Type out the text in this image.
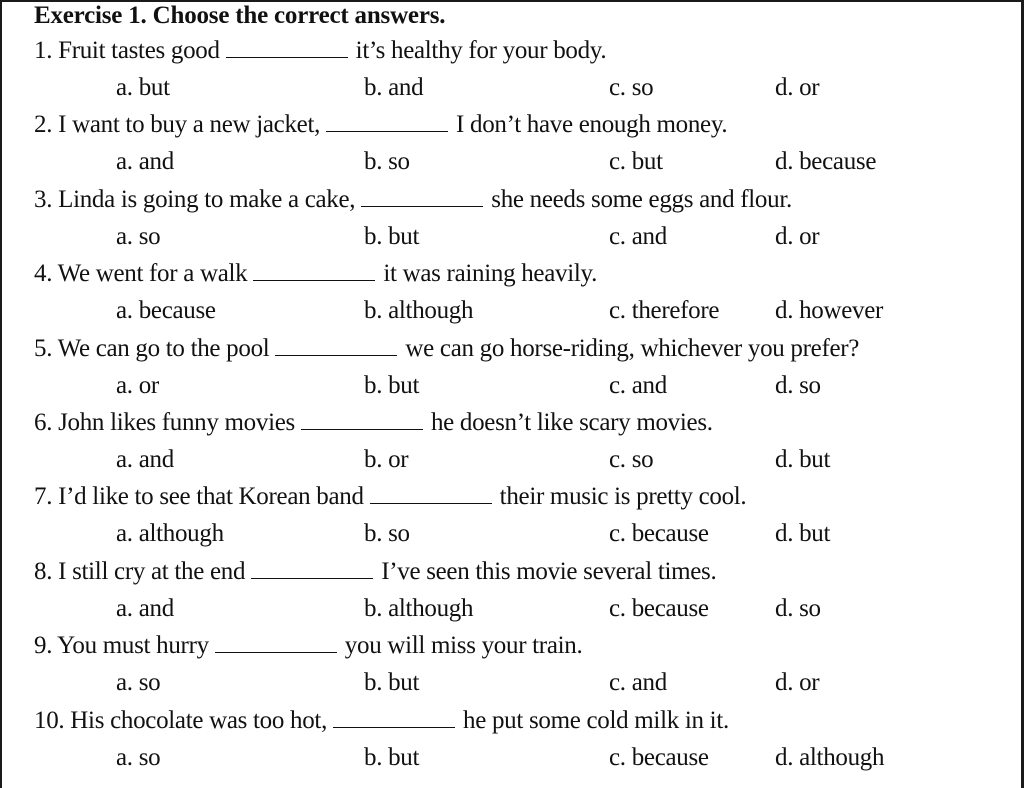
Exercise 1. Choose the correct answers.
1. Fruit tastes good	it’s healthy for your body.
a. but	b. and	c. so	d. or
2. I want to buy a new jacket,	I don’t have enough money.
a. and	b. so	c. but	d. because
3. Linda is going to make a cake,	she needs some eggs and flour.
a. so	b. but	c. and	d. or
4. We went for a walk	it was raining heavily.
a. because	b. although	c. therefore d. however
5. We can go to the pool	we can go horse-riding, whichever you prefer?
a. or	b. but	c. and	d. so
6. John likes funny movies	he doesn’t like scary movies.
a. and	b. or	c. so	d. but
7. I’d like to see that Korean band	their music is pretty cool.
a. although	b. so	c. because	d. but
8. I still cry at the end	I’ve seen this movie several times.
a. and	b. although	c. because	d. so
9. You must hurry	you will miss your train.
a. so	b. but	c. and	d. or
10. His chocolate was too hot,	he put some cold milk in it.
a. so	b. but	c. because	d. although
